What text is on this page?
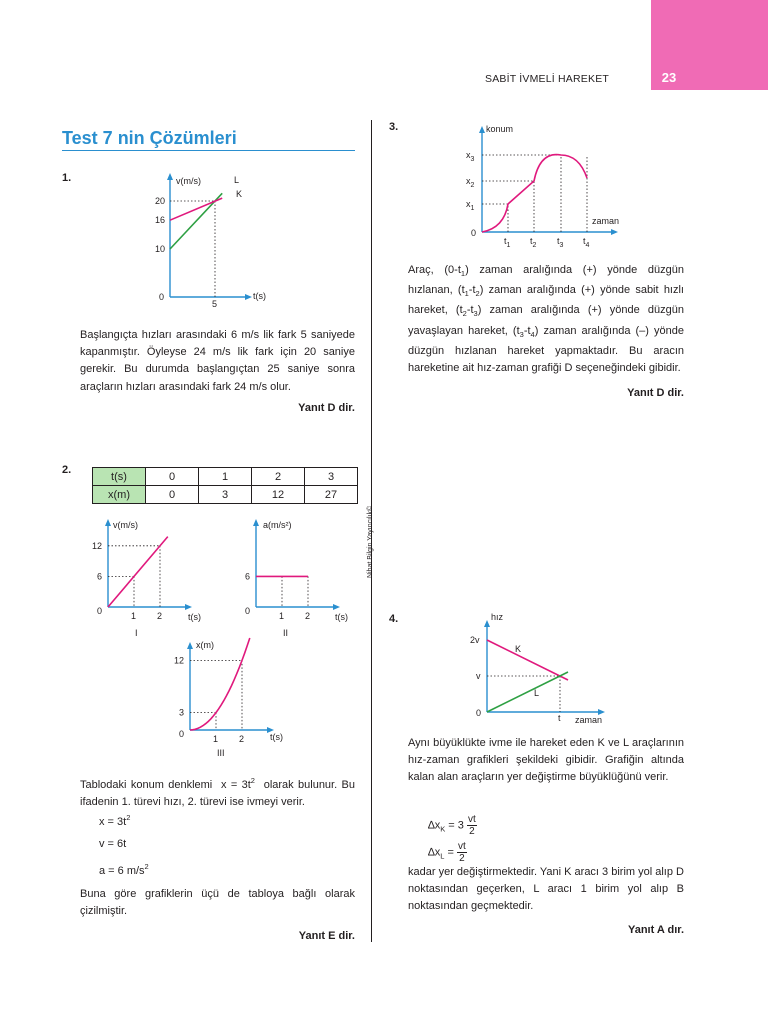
23
SABİT İVMELİ HAREKET
Test 7 nin Çözümleri
Nihat Bilgin Yayıncılık©
1.	v(m/s)
t(s)
0
10
16
20
5
L
K
Başlangıçta hızları arasındaki 6 m/s lik fark 5 saniyede kapanmıştır. Öyleyse 24 m/s lik fark için 20 saniye gerekir. Bu durumda başlangıçtan 25 saniye sonra araçların hızları arasındaki fark 24 m/s olur.
Yanıt D dir.
2.
t(s)	0	1	2	3
x(m)	0	3	12	27
v(m/s)
t(s)
0
6
12
1 2
I
a(m/s²)
t(s)
0
6
1 2
II
x(m)
t(s)
0
3
12
1 2
III
Tablodaki konum denklemi  $x = 3t^2$  olarak bulunur. Bu ifadenin 1. türevi hızı, 2. türevi ise ivmeyi verir.
$x = 3t^2$
v = 6t
a = 6 $m/s^2$
Buna göre grafiklerin üçü de tabloya bağlı olarak çizilmiştir.
Yanıt E dir.
3.	konum
zaman
0
$x_1$
$x_2$
$x_3$
$t_1$ $t_2$ $t_3$ $t_4$
Araç, $(0-t_1)$ zaman aralığında (+) yönde düzgün hızlanan, $(t_1-t_2)$ zaman aralığında (+) yönde sabit hızlı hareket, $(t_2-t_3)$ zaman aralığında (+) yönde düzgün yavaşlayan hareket, $(t_3-t_4)$ zaman aralığında (–) yönde düzgün hızlanan hareket yapmaktadır. Bu aracın hareketine ait hız-zaman grafiği D seçeneğindeki gibidir.
Yanıt D dir.
4.	hız
zaman
0
v
2v
t
K
L
Aynı büyüklükte ivme ile hareket eden K ve L araçlarının hız-zaman grafikleri şekildeki gibidir. Grafiğin altında kalan alan araçların yer değiştirme büyüklüğünü verir.
$\Delta x_K = 3 \frac{vt}{2}$
$\Delta x_L = \frac{vt}{2}$
kadar yer değiştirmektedir. Yani K aracı 3 birim yol alıp D noktasından geçerken, L aracı 1 birim yol alıp B noktasından geçmektedir.
Yanıt A dır.
